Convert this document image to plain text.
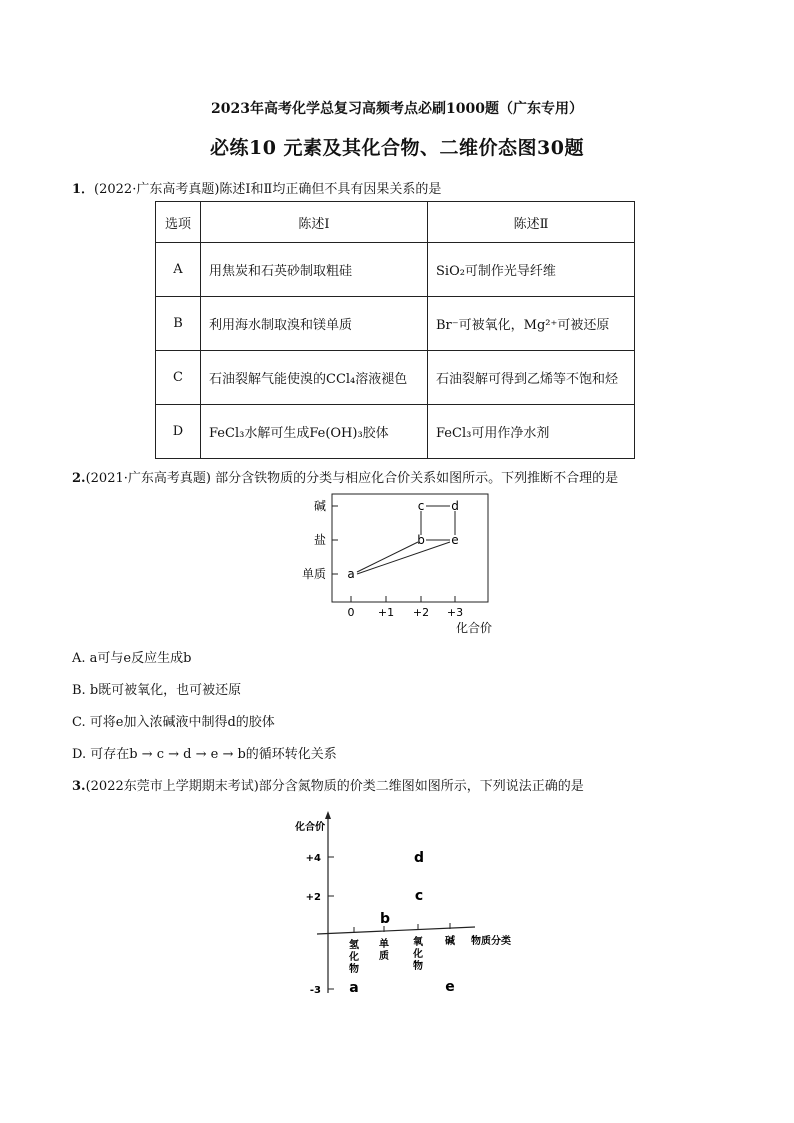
2023年高考化学总复习高频考点必刷1000题（广东专用）
必练10 元素及其化合物、二维价态图30题
1．(2022·广东高考真题)陈述Ⅰ和Ⅱ均正确但不具有因果关系的是
选项	陈述Ⅰ	陈述Ⅱ
A	用焦炭和石英砂制取粗硅	SiO₂可制作光导纤维
B	利用海水制取溴和镁单质	Br⁻可被氧化，Mg²⁺可被还原
C	石油裂解气能使溴的CCl₄溶液褪色	石油裂解可得到乙烯等不饱和烃
D	FeCl₃水解可生成Fe(OH)₃胶体	FeCl₃可用作净水剂
2.(2021·广东高考真题) 部分含铁物质的分类与相应化合价关系如图所示。下列推断不合理的是
碱
盐
单质
0 +1 +2 +3
化合价
a
b
c d
e
A. a可与e反应生成b
B. b既可被氧化，也可被还原
C. 可将e加入浓碱液中制得d的胶体
D. 可存在b → c → d → e → b的循环转化关系
3.(2022东莞市上学期期末考试)部分含氮物质的价类二维图如图所示，下列说法正确的是
化合价
+4
+2
-3
氢化物
单质
氧化物
碱 物质分类
a
b
c
d
e
